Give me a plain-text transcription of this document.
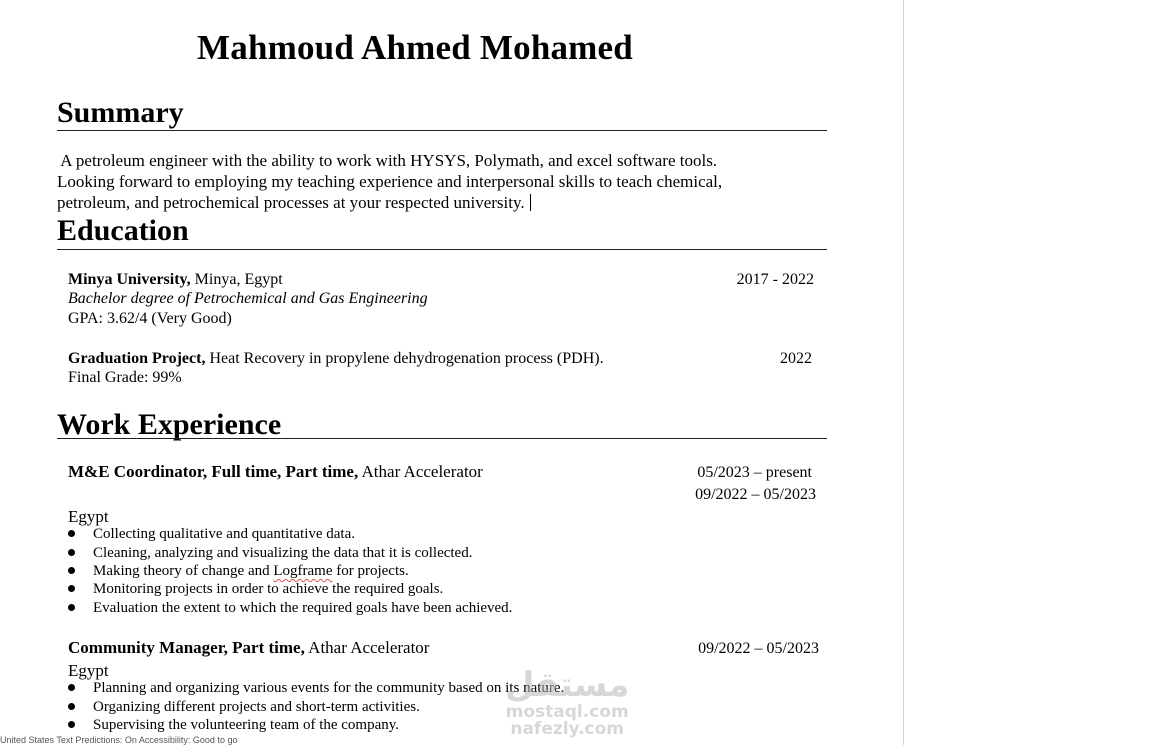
Mahmoud Ahmed Mohamed
Summary
A petroleum engineer with the ability to work with HYSYS, Polymath, and excel software tools.
Looking forward to employing my teaching experience and interpersonal skills to teach chemical,
petroleum, and petrochemical processes at your respected university.
Education
Minya University, Minya, Egypt	2017 - 2022
Bachelor degree of Petrochemical and Gas Engineering
GPA: 3.62/4 (Very Good)
Graduation Project, Heat Recovery in propylene dehydrogenation process (PDH).	2022
Final Grade: 99%
Work Experience
M&E Coordinator, Full time, Part time, Athar Accelerator	05/2023 – present
09/2022 – 05/2023
Egypt
Collecting qualitative and quantitative data.
Cleaning, analyzing and visualizing the data that it is collected.
Making theory of change and Logframe for projects.
Monitoring projects in order to achieve the required goals.
Evaluation the extent to which the required goals have been achieved.
Community Manager, Part time, Athar Accelerator	09/2022 – 05/2023
Egypt
Planning and organizing various events for the community based on its nature.
Organizing different projects and short-term activities.
Supervising the volunteering team of the company.
مستقل
mostaql.com
nafezly.com
United States Text Predictions: On Accessibility: Good to go
